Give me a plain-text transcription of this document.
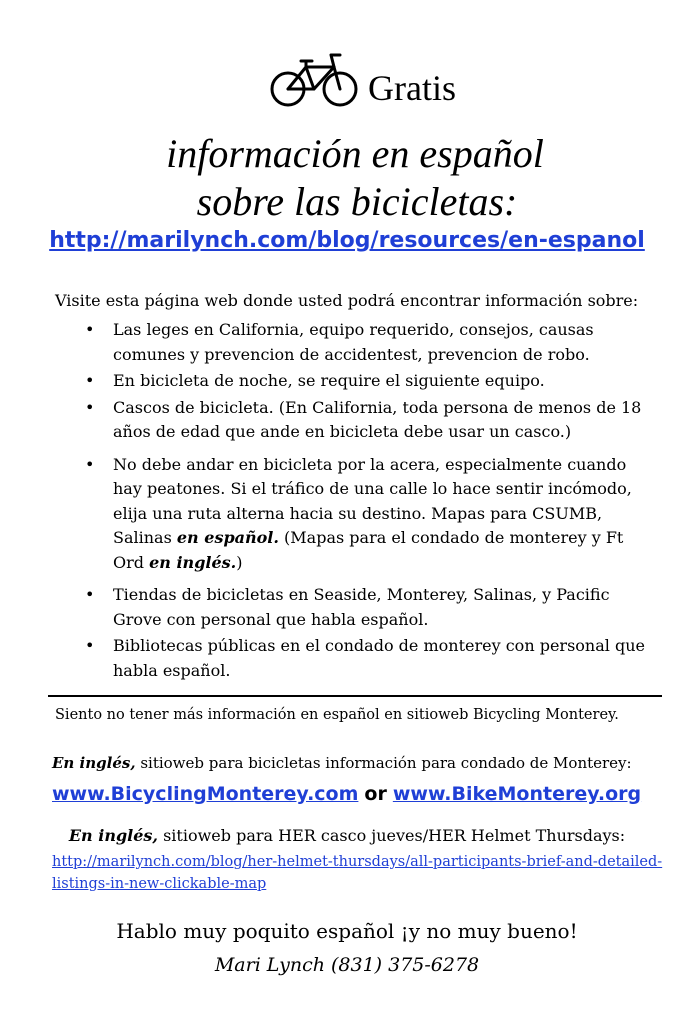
Gratis
información en español
sobre las bicicletas:
http://marilynch.com/blog/resources/en-espanol
Visite esta página web donde usted podrá encontrar información sobre:
• Las leges en California, equipo requerido, consejos, causas comunes y prevencion de accidentest, prevencion de robo.
• En bicicleta de noche, se require el siguiente equipo.
• Cascos de bicicleta. (En California, toda persona de menos de 18 años de edad que ande en bicicleta debe usar un casco.)
• No debe andar en bicicleta por la acera, especialmente cuando hay peatones. Si el tráfico de una calle lo hace sentir incómodo, elija una ruta alterna hacia su destino. Mapas para CSUMB, Salinas en español. (Mapas para el condado de monterey y Ft Ord en inglés.)
• Tiendas de bicicletas en Seaside, Monterey, Salinas, y Pacific Grove con personal que habla español.
• Bibliotecas públicas en el condado de monterey con personal que habla español.
Siento no tener más información en español en sitioweb Bicycling Monterey.
En inglés, sitioweb para bicicletas información para condado de Monterey:
www.BicyclingMonterey.com or www.BikeMonterey.org
En inglés, sitioweb para HER casco jueves/HER Helmet Thursdays:
http://marilynch.com/blog/her-helmet-thursdays/all-participants-brief-and-detailed-listings-in-new-clickable-map
Hablo muy poquito español ¡y no muy bueno!
Mari Lynch (831) 375-6278
